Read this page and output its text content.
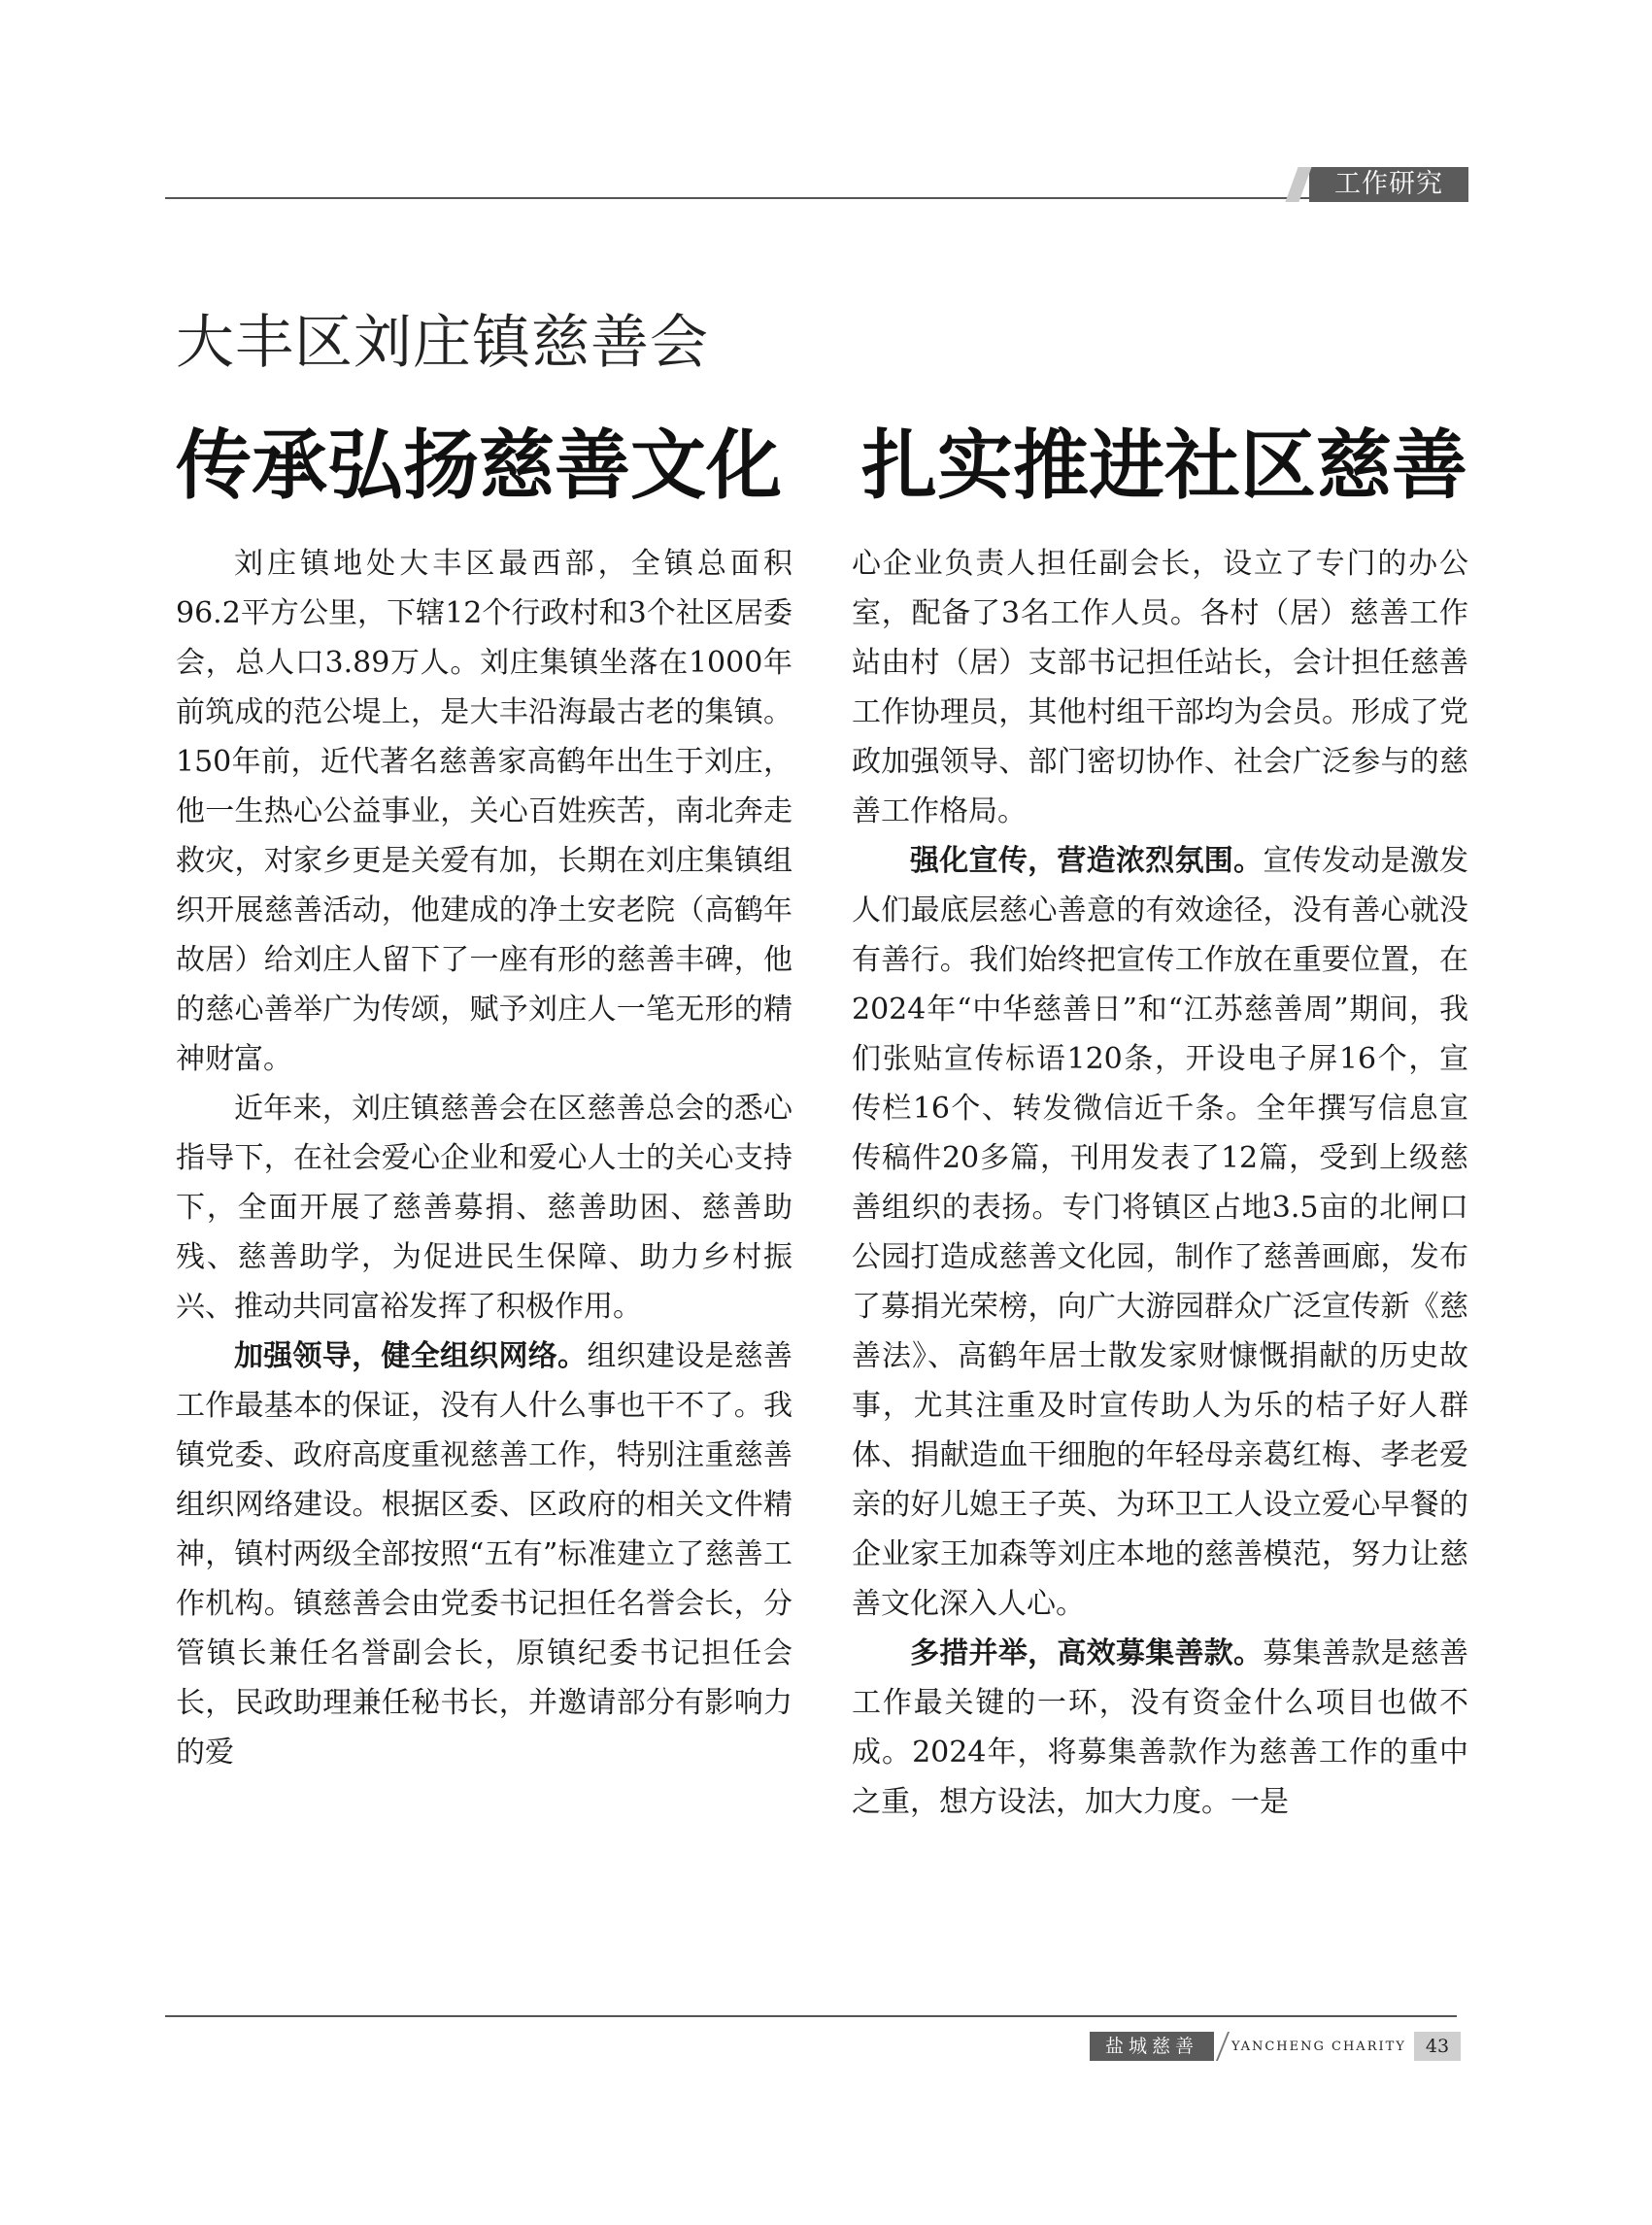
工作研究
大丰区刘庄镇慈善会
传承弘扬慈善文化 扎实推进社区慈善

刘庄镇地处大丰区最西部，全镇总面积96.2平方公里，下辖12个行政村和3个社区居委会，总人口3.89万人。刘庄集镇坐落在1000年前筑成的范公堤上，是大丰沿海最古老的集镇。150年前，近代著名慈善家高鹤年出生于刘庄，他一生热心公益事业，关心百姓疾苦，南北奔走救灾，对家乡更是关爱有加，长期在刘庄集镇组织开展慈善活动，他建成的净土安老院（高鹤年故居）给刘庄人留下了一座有形的慈善丰碑，他的慈心善举广为传颂，赋予刘庄人一笔无形的精神财富。

近年来，刘庄镇慈善会在区慈善总会的悉心指导下，在社会爱心企业和爱心人士的关心支持下，全面开展了慈善募捐、慈善助困、慈善助残、慈善助学，为促进民生保障、助力乡村振兴、推动共同富裕发挥了积极作用。

加强领导，健全组织网络。组织建设是慈善工作最基本的保证，没有人什么事也干不了。我镇党委、政府高度重视慈善工作，特别注重慈善组织网络建设。根据区委、区政府的相关文件精神，镇村两级全部按照“五有”标准建立了慈善工作机构。镇慈善会由党委书记担任名誉会长，分管镇长兼任名誉副会长，原镇纪委书记担任会长，民政助理兼任秘书长，并邀请部分有影响力的爱

心企业负责人担任副会长，设立了专门的办公室，配备了3名工作人员。各村（居）慈善工作站由村（居）支部书记担任站长，会计担任慈善工作协理员，其他村组干部均为会员。形成了党政加强领导、部门密切协作、社会广泛参与的慈善工作格局。

强化宣传，营造浓烈氛围。宣传发动是激发人们最底层慈心善意的有效途径，没有善心就没有善行。我们始终把宣传工作放在重要位置，在2024年“中华慈善日”和“江苏慈善周”期间，我们张贴宣传标语120条，开设电子屏16个，宣传栏16个、转发微信近千条。全年撰写信息宣传稿件20多篇，刊用发表了12篇，受到上级慈善组织的表扬。专门将镇区占地3.5亩的北闸口公园打造成慈善文化园，制作了慈善画廊，发布了募捐光荣榜，向广大游园群众广泛宣传新《慈善法》、高鹤年居士散发家财慷慨捐献的历史故事，尤其注重及时宣传助人为乐的桔子好人群体、捐献造血干细胞的年轻母亲葛红梅、孝老爱亲的好儿媳王子英、为环卫工人设立爱心早餐的企业家王加森等刘庄本地的慈善模范，努力让慈善文化深入人心。

多措并举，高效募集善款。募集善款是慈善工作最关键的一环，没有资金什么项目也做不成。2024年，将募集善款作为慈善工作的重中之重，想方设法，加大力度。一是

盐城慈善	YANCHENG CHARITY	43
